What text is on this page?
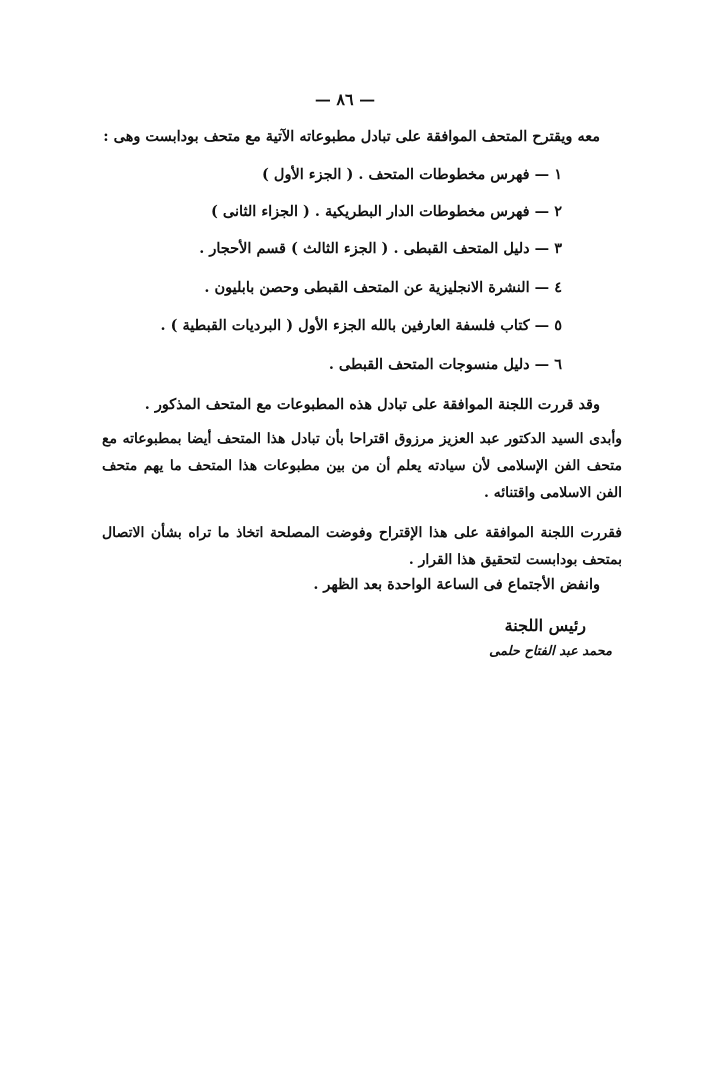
— ٨٦ —
معه ويقترح المتحف الموافقة على تبادل مطبوعاته الآتية مع متحف بودابست وهى :
١ — فهرس مخطوطات المتحف . ( الجزء الأول )
٢ — فهرس مخطوطات الدار البطريكية . ( الجزاء الثانى )
٣ — دليل المتحف القبطى . ( الجزء الثالث ) قسم الأحجار .
٤ — النشرة الانجليزية عن المتحف القبطى وحصن بابليون .
٥ — كتاب فلسفة العارفين بالله الجزء الأول ( البرديات القبطية ) .
٦ — دليل منسوجات المتحف القبطى .
وقد قررت اللجنة الموافقة على تبادل هذه المطبوعات مع المتحف المذكور .
وأبدى السيد الدكتور عبد العزيز مرزوق اقتراحا بأن تبادل هذا المتحف أيضا بمطبوعاته مع متحف الفن الإسلامى لأن سيادته يعلم أن من بين مطبوعات هذا المتحف ما يهم متحف الفن الاسلامى واقتنائه .
فقررت اللجنة الموافقة على هذا الإقتراح وفوضت المصلحة اتخاذ ما تراه بشأن الاتصال بمتحف بودابست لتحقيق هذا القرار .
وانفض الأجتماع فى الساعة الواحدة بعد الظهر .
رئيس اللجنة
محمد عبد الفتاح حلمى
